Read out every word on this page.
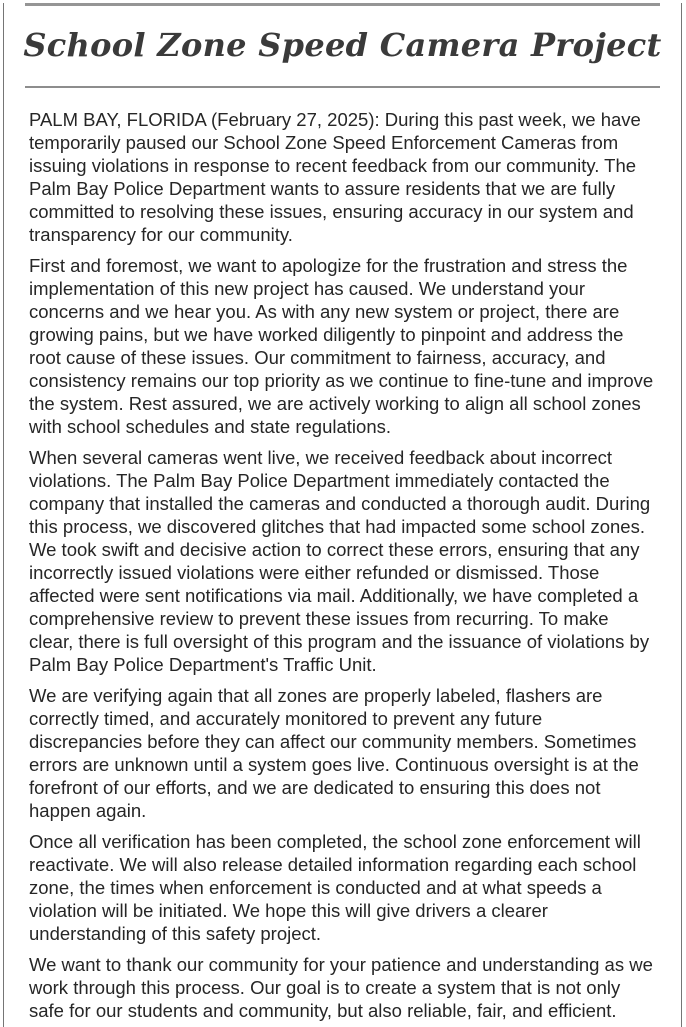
School Zone Speed Camera Project

PALM BAY, FLORIDA (February 27, 2025): During this past week, we have temporarily paused our School Zone Speed Enforcement Cameras from issuing violations in response to recent feedback from our community. The Palm Bay Police Department wants to assure residents that we are fully committed to resolving these issues, ensuring accuracy in our system and transparency for our community.

First and foremost, we want to apologize for the frustration and stress the implementation of this new project has caused. We understand your concerns and we hear you. As with any new system or project, there are growing pains, but we have worked diligently to pinpoint and address the root cause of these issues. Our commitment to fairness, accuracy, and consistency remains our top priority as we continue to fine-tune and improve the system. Rest assured, we are actively working to align all school zones with school schedules and state regulations.

When several cameras went live, we received feedback about incorrect violations. The Palm Bay Police Department immediately contacted the company that installed the cameras and conducted a thorough audit. During this process, we discovered glitches that had impacted some school zones. We took swift and decisive action to correct these errors, ensuring that any incorrectly issued violations were either refunded or dismissed. Those affected were sent notifications via mail. Additionally, we have completed a comprehensive review to prevent these issues from recurring. To make clear, there is full oversight of this program and the issuance of violations by Palm Bay Police Department's Traffic Unit.

We are verifying again that all zones are properly labeled, flashers are correctly timed, and accurately monitored to prevent any future discrepancies before they can affect our community members. Sometimes errors are unknown until a system goes live. Continuous oversight is at the forefront of our efforts, and we are dedicated to ensuring this does not happen again.

Once all verification has been completed, the school zone enforcement will reactivate. We will also release detailed information regarding each school zone, the times when enforcement is conducted and at what speeds a violation will be initiated. We hope this will give drivers a clearer understanding of this safety project.

We want to thank our community for your patience and understanding as we work through this process. Our goal is to create a system that is not only safe for our students and community, but also reliable, fair, and efficient.
